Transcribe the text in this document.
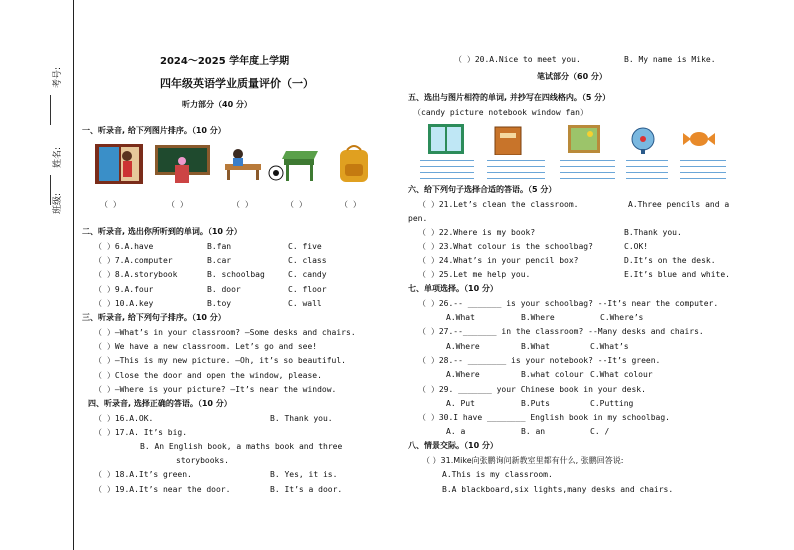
考号:
姓名:
班级:
2024～2025 学年度上学期
四年级英语学业质量评价（一）
听力部分（40 分）
一、听录音, 给下列图片排序。（10 分）
（ ）	（ ）	（ ）	（ ）	（ ）
二、听录音, 选出你所听到的单词。（10 分）
（ ）6.A.have	B.fan	C. five
（ ）7.A.computer	B.car	C. class
（ ）8.A.storybook	B. schoolbag	C. candy
（ ）9.A.four	B. door	C. floor
（ ）10.A.key	B.toy	C. wall
三、听录音, 给下列句子排序。（10 分）
（ ）—What’s in your classroom? —Some desks and chairs.
（ ）We have a new classroom. Let’s go and see!
（ ）—This is my new picture. —Oh, it’s so beautiful.
（ ）Close the door and open the window, please.
（ ）—Where is your picture? —It’s near the window.
四、听录音, 选择正确的答语。（10 分）
（ ）16.A.OK.	B. Thank you.
（ ）17.A. It’s big.
B. An English book, a maths book and three
storybooks.
（ ）18.A.It’s green.	B. Yes, it is.
（ ）19.A.It’s near the door.	B. It’s a door.
（ ）20.A.Nice to meet you.	B. My name is Mike.
笔试部分（60 分）
五、选出与图片相符的单词, 并抄写在四线格内。（5 分）
（candy picture notebook window fan）
六、给下列句子选择合适的答语。（5 分）
（ ）21.Let’s clean the classroom.	A.Three pencils and a
pen.
（ ）22.Where is my book?	B.Thank you.
（ ）23.What colour is the schoolbag?	C.OK!
（ ）24.What’s in your pencil box?	D.It’s on the desk.
（ ）25.Let me help you.	E.It’s blue and white.
七、单项选择。（10 分）
（ ）26.-- _______ is your schoolbag? --It’s near the computer.
A.What	B.Where	C.Where’s
（ ）27.--_______ in the classroom? --Many desks and chairs.
A.Where	B.What	C.What’s
（ ）28.-- ________ is your notebook? --It’s green.
A.Where	B.what colour C.What colour
（ ）29. _______ your Chinese book in your desk.
A. Put	B.Puts	C.Putting
（ ）30.I have ________ English book in my schoolbag.
A. a	B. an	C. /
八、情景交际。（10 分）
（ ）31.Mike向张鹏询问新教室里都有什么, 张鹏回答说:
A.This is my classroom.
B.A blackboard,six lights,many desks and chairs.
